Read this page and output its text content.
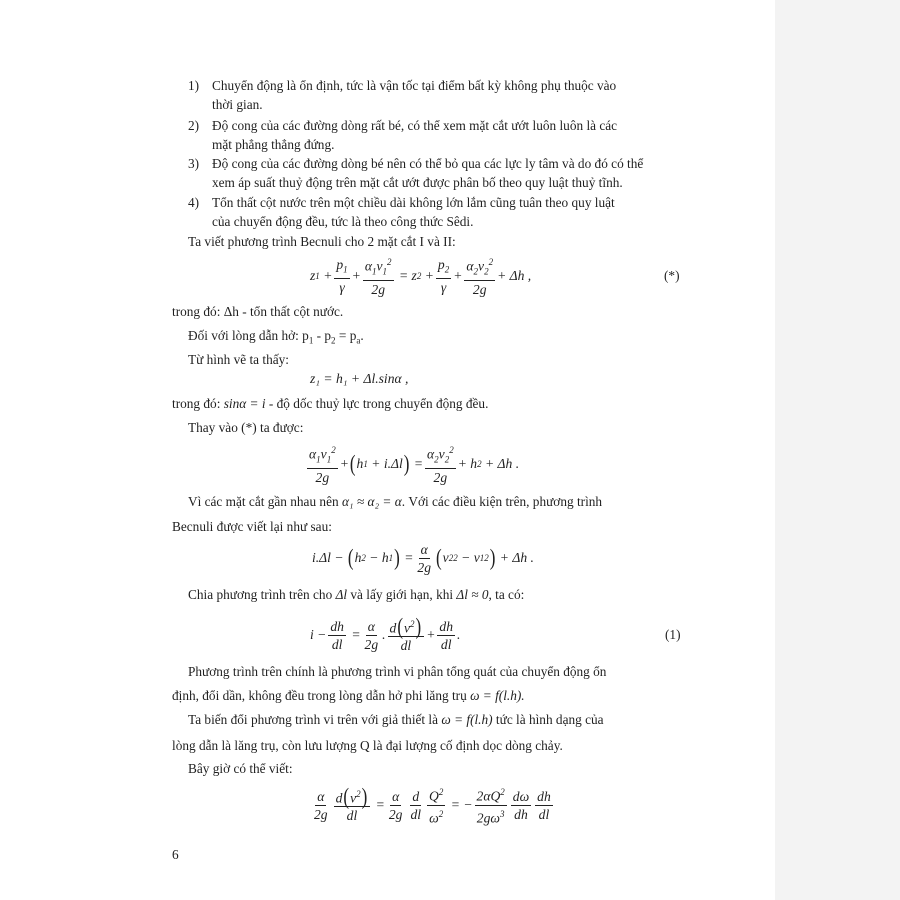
1) Chuyển động là ổn định, tức là vận tốc tại điểm bất kỳ không phụ thuộc vào
thời gian.
2) Độ cong của các đường dòng rất bé, có thể xem mặt cắt ướt luôn luôn là các
mặt phẳng thẳng đứng.
3) Độ cong của các đường dòng bé nên có thể bỏ qua các lực ly tâm và do đó có thể
xem áp suất thuỷ động trên mặt cắt ướt được phân bố theo quy luật thuỷ tĩnh.
4) Tổn thất cột nước trên một chiều dài không lớn lắm cũng tuân theo quy luật
của chuyển động đều, tức là theo công thức Sêdi.
Ta viết phương trình Becnuli cho 2 mặt cắt I và II:
z $1 + \frac{p_1}{\gamma} + \frac{\alpha_1v_1^2}{2g} = z$ $2 + \frac{p_2}{\gamma} + \frac{\alpha_2v_2^2}{2g} + \Delta h$ ,	(*)
trong đó: Δh - tổn thất cột nước.
Đối với lòng dẫn hở: $p_1 - p_2 = p_a$.
Từ hình vẽ ta thấy:
z₁ = h₁ + Δl.sinα ,
trong đó: sinα = i - độ dốc thuỷ lực trong chuyển động đều.
Thay vào (*) ta được:
$\frac{\alpha_1v_1^2}{2g}$ + ( h 1 + i.Δl ) = $\frac{\alpha_2v_2^2}{2g} + h$ 2 + Δh .
Vì các mặt cắt gần nhau nên α₁ ≈ α₂ = α. Với các điều kiện trên, phương trình
Becnuli được viết lại như sau:
i.Δl − ( h 2 − h 1 ) = $\frac{\alpha}{2g}$ ( v 2 2 − v 1 2 ) + Δh .
Chia phương trình trên cho Δl và lấy giới hạn, khi Δl ≈ 0, ta có:
$i - \frac{dh}{dl} = \frac{\alpha}{2g}$ . $\frac{d(v^2)}{dl} + \frac{dh}{dl}$ .	(1)
Phương trình trên chính là phương trình vi phân tổng quát của chuyển động ổn
định, đổi dần, không đều trong lòng dẫn hở phi lăng trụ ω = f(l.h).
Ta biến đổi phương trình vi trên với giả thiết là ω = f(l.h) tức là hình dạng của
lòng dẫn là lăng trụ, còn lưu lượng Q là đại lượng cố định dọc dòng chảy.
Bây giờ có thể viết:
$\frac{\alpha}{2g} \frac{d(v^2)}{dl} = \frac{\alpha}{2g} \frac{d}{dl} \frac{Q^2}{\omega^2}$ = − $\frac{2\alpha Q^2}{2g\omega^3} \frac{d\omega}{dh} \frac{dh}{dl}$
6
